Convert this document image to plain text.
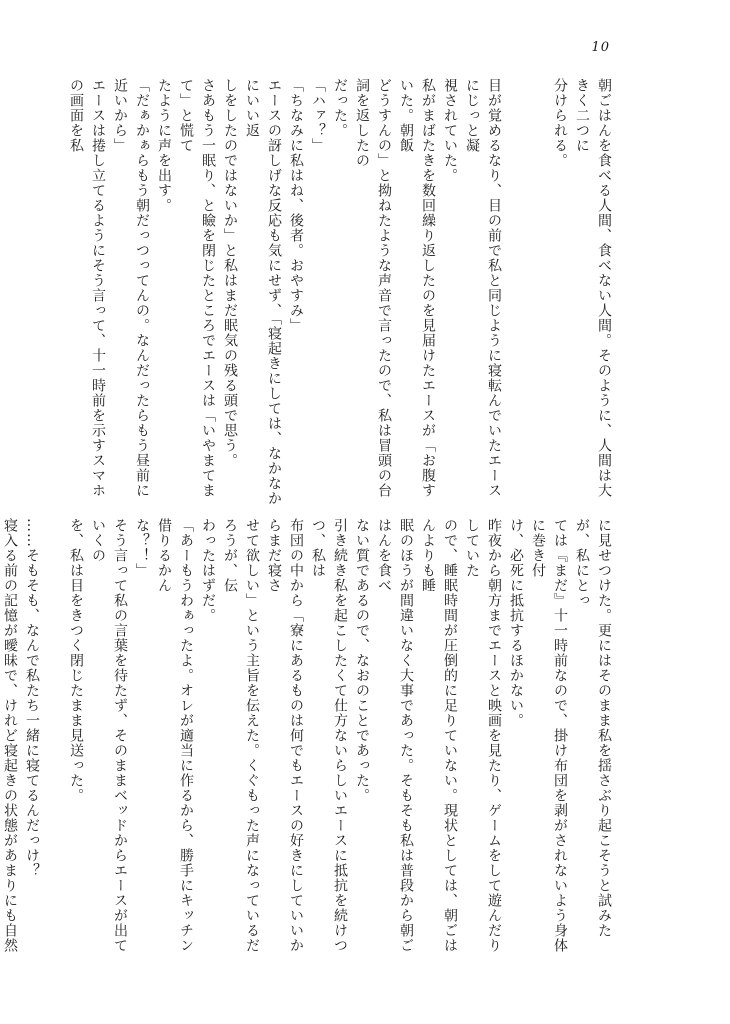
10

朝ごはんを食べる人間、食べない人間。そのように、人間は大きく二つに

分けられる。

目が覚めるなり、目の前で私と同じように寝転んでいたエースにじっと凝

視されていた。

私がまばたきを数回繰り返したのを見届けたエースが「お腹すいた。朝飯

どうすんの」と拗ねたような声音で言ったので、私は冒頭の台詞を返したの

だった。

「ハァ？」

「ちなみに私はね、後者。おやすみ」

エースの訝しげな反応も気にせず、「寝起きにしては、なかなかにいい返

しをしたのではないか」と私はまだ眠気の残る頭で思う。

さあもう一眠り、と瞼を閉じたところでエースは「いやまてまて」と慌て

たように声を出す。

「だぁかぁらもう朝だっつってんの。なんだったらもう昼前に近いから」

エースは捲し立てるようにそう言って、十一時前を示すスマホの画面を私

に見せつけた。更にはそのまま私を揺さぶり起こそうと試みたが、私にとっ

ては『まだ』十一時前なので、掛け布団を剥がされないよう身体に巻き付

け、必死に抵抗するほかない。

昨夜から朝方までエースと映画を見たり、ゲームをして遊んだりしていた

ので、睡眠時間が圧倒的に足りていない。現状としては、朝ごはんよりも睡

眠のほうが間違いなく大事であった。そもそも私は普段から朝ごはんを食べ

ない質であるので、なおのことであった。

引き続き私を起こしたくて仕方ないらしいエースに抵抗を続けつつ、私は

布団の中から「寮にあるものは何でもエースの好きにしていいからまだ寝さ

せて欲しい」という主旨を伝えた。くぐもった声になっているだろうが、伝

わったはずだ。

「あーもうわぁったよ。オレが適当に作るから、勝手にキッチン借りるかん

な？！」

そう言って私の言葉を待たず、そのままベッドからエースが出ていくの

を、私は目をきつく閉じたまま見送った。

……そもそも、なんで私たち一緒に寝てるんだっけ？

寝入る前の記憶が曖昧で、けれど寝起きの状態があまりにも自然
